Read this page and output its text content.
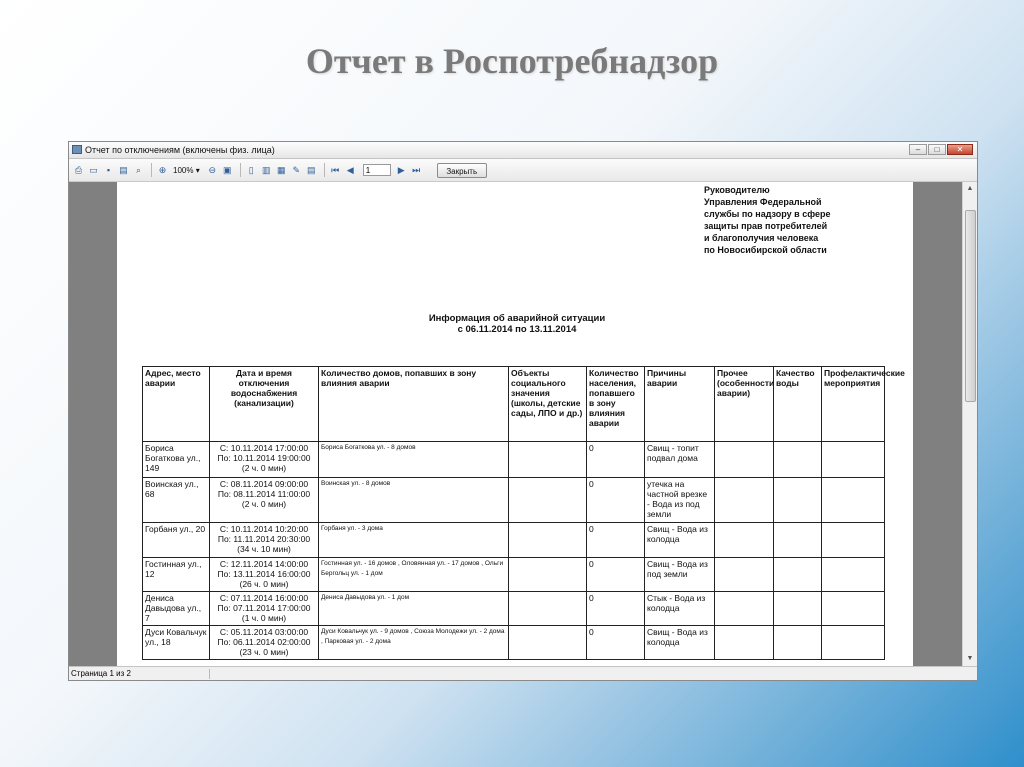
Отчет в Роспотребнадзор
Отчет по отключениям (включены физ. лица)	–	□	✕
⎙ ▭	▪	▤ ⌕	⊕ 100% ▾ ⊖ ▣	▯ ▥ ▦ ✎ ▤ ⏮ ◀	1	▶ ⏭	Закрыть
Руководителю
Управления Федеральной
службы по надзору в сфере
защиты прав потребителей
и благополучия человека
по Новосибирской области
Информация об аварийной ситуации
с 06.11.2014 по 13.11.2014
Адрес, место аварии	Дата и время отключения водоснабжения (канализации)	Количество домов, попавших в зону влияния аварии	Объекты социального значения (школы, детские сады, ЛПО и др.)	Количество населения, попавшего в зону влияния аварии	Причины аварии	Прочее (особенности аварии)	Качество воды	Профелактические мероприятия
Бориса Богаткова ул., 149	С: 10.11.2014 17:00:00
По: 10.11.2014 19:00:00
(2 ч. 0 мин)	Бориса Богаткова ул. - 8 домов		0	Свищ - топит подвал дома			
Воинская ул., 68	С: 08.11.2014 09:00:00
По: 08.11.2014 11:00:00
(2 ч. 0 мин)	Воинская ул. - 8 домов		0	утечка на частной врезке - Вода из под земли			
Горбаня ул., 20	С: 10.11.2014 10:20:00
По: 11.11.2014 20:30:00
(34 ч. 10 мин)	Горбаня ул. - 3 дома		0	Свищ - Вода из колодца			
Гостинная ул., 12	С: 12.11.2014 14:00:00
По: 13.11.2014 16:00:00
(26 ч. 0 мин)	Гостинная ул. - 16 домов , Оловянная ул. - 17 домов , Ольги Бергольц ул. - 1 дом		0	Свищ - Вода из под земли			
Дениса Давыдова ул., 7	С: 07.11.2014 16:00:00
По: 07.11.2014 17:00:00
(1 ч. 0 мин)	Дениса Давыдова ул. - 1 дом		0	Стык - Вода из колодца			
Дуси Ковальчук ул., 18	С: 05.11.2014 03:00:00
По: 06.11.2014 02:00:00
(23 ч. 0 мин)	Дуси Ковальчук ул. - 9 домов , Союза Молодежи ул. - 2 дома , Парковая ул. - 2 дома		0	Свищ - Вода из колодца			
▲
▼
Страница 1 из 2
